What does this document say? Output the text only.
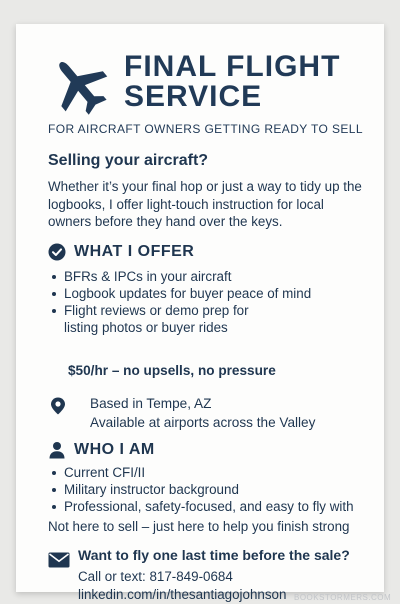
FINAL FLIGHT
SERVICE
FOR AIRCRAFT OWNERS GETTING READY TO SELL
Selling your aircraft?
Whether it’s your final hop or just a way to tidy up the logbooks, I offer light-touch instruction for local owners before they hand over the keys.
WHAT I OFFER
BFRs & IPCs in your aircraft
Logbook updates for buyer peace of mind
Flight reviews or demo prep for listing photos or buyer rides
$50/hr – no upsells, no pressure
Based in Tempe, AZ
Available at airports across the Valley
WHO I AM
Current CFI/II
Military instructor background
Professional, safety-focused, and easy to fly with
Not here to sell – just here to help you finish strong
Want to fly one last time before the sale?
Call or text: 817-849-0684
linkedin.com/in/thesantiagojohnson BOOKSTORMERS.COM
